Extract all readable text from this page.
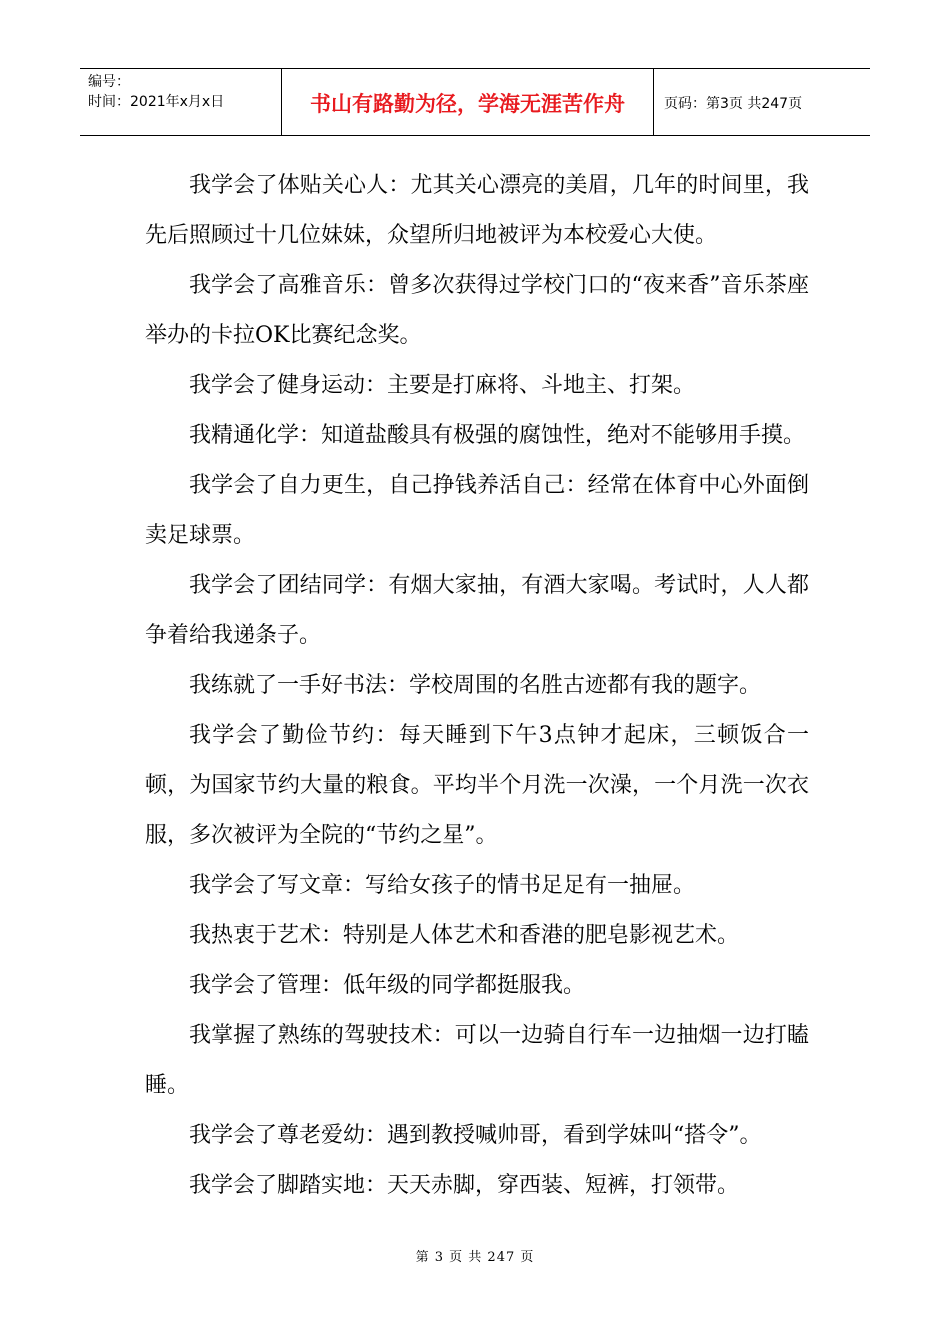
编号：
时间：2021年x月x日	书山有路勤为径，学海无涯苦作舟	页码：第3页 共247页

我学会了体贴关心人：尤其关心漂亮的美眉，几年的时间里，我先后照顾过十几位妹妹，众望所归地被评为本校爱心大使。

我学会了高雅音乐：曾多次获得过学校门口的“夜来香”音乐茶座举办的卡拉OK比赛纪念奖。

我学会了健身运动：主要是打麻将、斗地主、打架。

我精通化学：知道盐酸具有极强的腐蚀性，绝对不能够用手摸。

我学会了自力更生，自己挣钱养活自己：经常在体育中心外面倒卖足球票。

我学会了团结同学：有烟大家抽，有酒大家喝。考试时，人人都争着给我递条子。

我练就了一手好书法：学校周围的名胜古迹都有我的题字。

我学会了勤俭节约：每天睡到下午3点钟才起床，三顿饭合一顿，为国家节约大量的粮食。平均半个月洗一次澡，一个月洗一次衣服，多次被评为全院的“节约之星”。

我学会了写文章：写给女孩子的情书足足有一抽屉。

我热衷于艺术：特别是人体艺术和香港的肥皂影视艺术。

我学会了管理：低年级的同学都挺服我。

我掌握了熟练的驾驶技术：可以一边骑自行车一边抽烟一边打瞌睡。

我学会了尊老爱幼：遇到教授喊帅哥，看到学妹叫“搭令”。

我学会了脚踏实地：天天赤脚，穿西装、短裤，打领带。

第 3 页 共 247 页
